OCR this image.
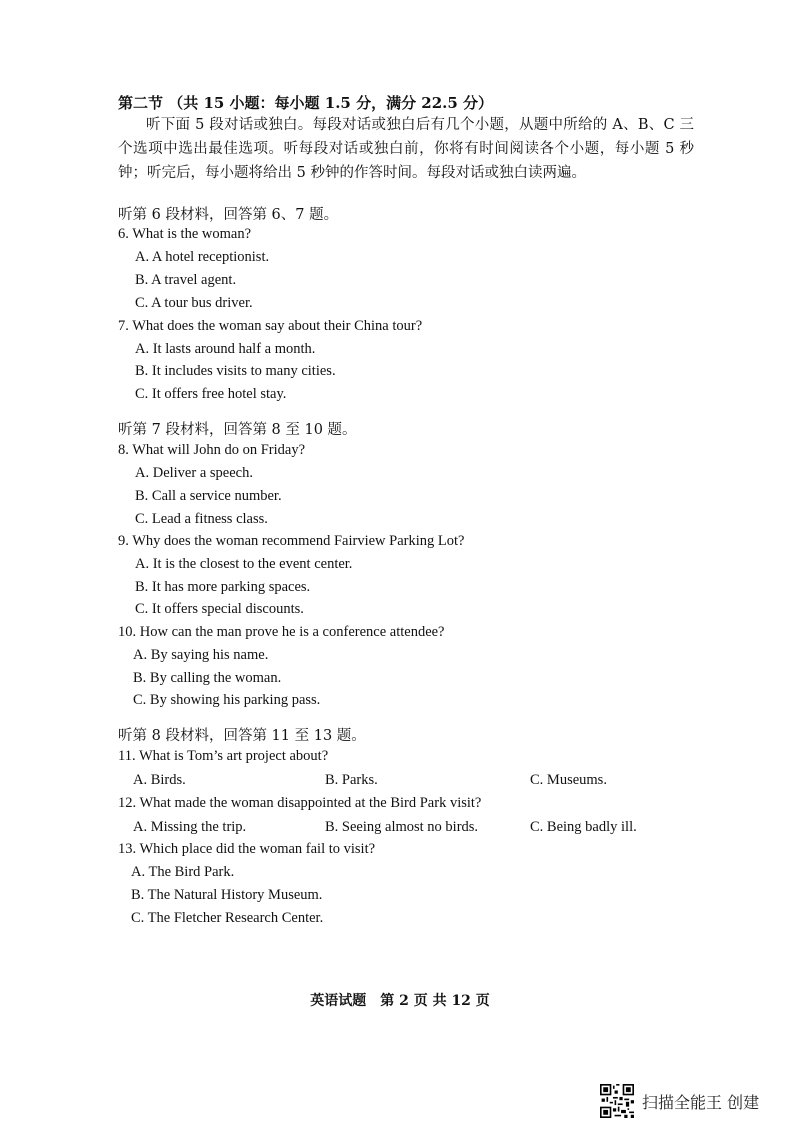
第二节 （共 15 小题：每小题 1.5 分，满分 22.5 分）
听下面 5 段对话或独白。每段对话或独白后有几个小题，从题中所给的 A、B、C 三个选项中选出最佳选项。听每段对话或独白前，你将有时间阅读各个小题，每小题 5 秒钟；听完后，每小题将给出 5 秒钟的作答时间。每段对话或独白读两遍。
听第 6 段材料，回答第 6、7 题。
6. What is the woman?
A. A hotel receptionist.
B. A travel agent.
C. A tour bus driver.
7. What does the woman say about their China tour?
A. It lasts around half a month.
B. It includes visits to many cities.
C. It offers free hotel stay.
听第 7 段材料，回答第 8 至 10 题。
8. What will John do on Friday?
A. Deliver a speech.
B. Call a service number.
C. Lead a fitness class.
9. Why does the woman recommend Fairview Parking Lot?
A. It is the closest to the event center.
B. It has more parking spaces.
C. It offers special discounts.
10. How can the man prove he is a conference attendee?
A. By saying his name.
B. By calling the woman.
C. By showing his parking pass.
听第 8 段材料，回答第 11 至 13 题。
11. What is Tom’s art project about?
A. Birds.	B. Parks.	C. Museums.
12. What made the woman disappointed at the Bird Park visit?
A. Missing the trip.	B. Seeing almost no birds.	C. Being badly ill.
13. Which place did the woman fail to visit?
A. The Bird Park.
B. The Natural History Museum.
C. The Fletcher Research Center.
英语试题　第 2 页 共 12 页
扫描全能王 创建
